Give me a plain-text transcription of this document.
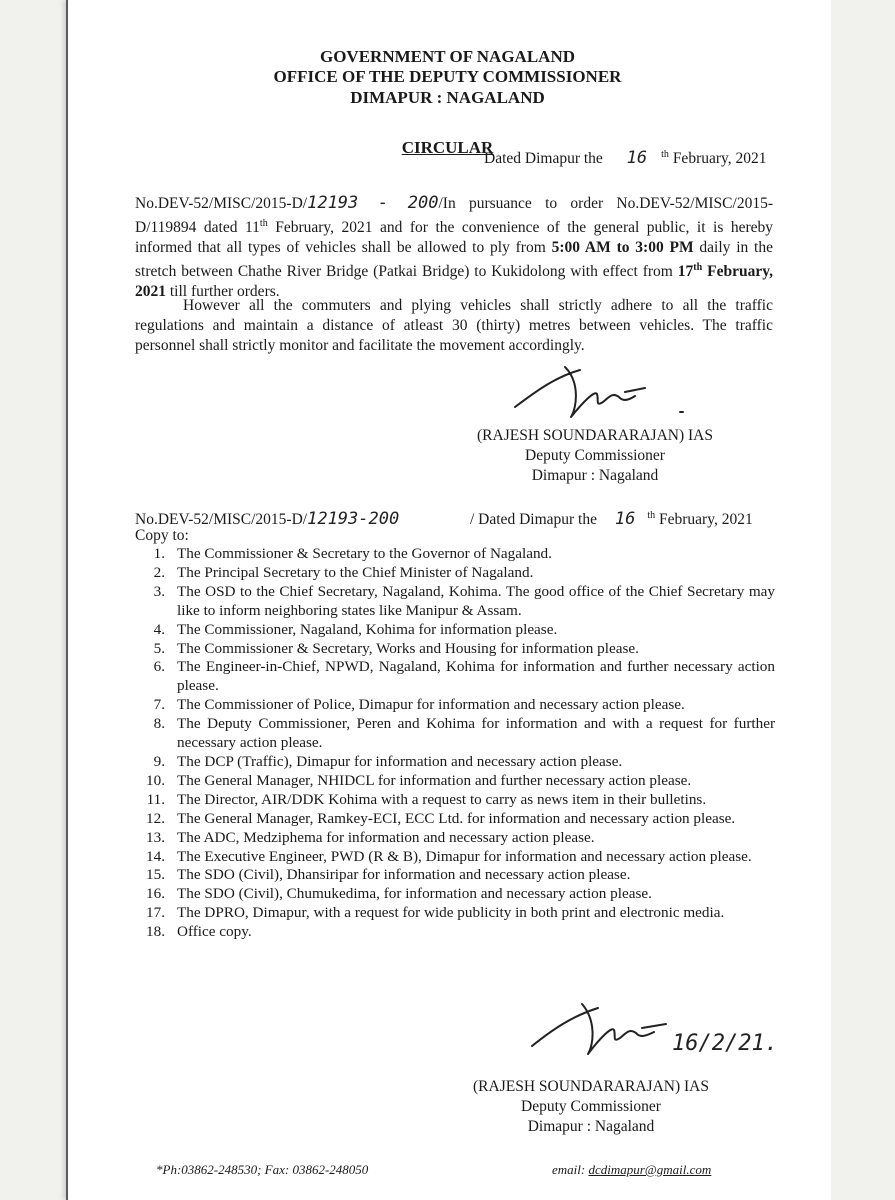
GOVERNMENT OF NAGALAND
OFFICE OF THE DEPUTY COMMISSIONER
DIMAPUR : NAGALAND
CIRCULAR
Dated Dimapur the 16 $^{th}$ February, 2021

No.DEV-52/MISC/2015-D/12193 - 200/In pursuance to order No.DEV-52/MISC/2015-D/119894 dated 11th February, 2021 and for the convenience of the general public, it is hereby informed that all types of vehicles shall be allowed to ply from 5:00 AM to 3:00 PM daily in the stretch between Chathe River Bridge (Patkai Bridge) to Kukidolong with effect from 17th February, 2021 till further orders.

However all the commuters and plying vehicles shall strictly adhere to all the traffic regulations and maintain a distance of atleast 30 (thirty) metres between vehicles. The traffic personnel shall strictly monitor and facilitate the movement accordingly.

(RAJESH SOUNDARARAJAN) IAS
Deputy Commissioner
Dimapur : Nagaland
No.DEV-52/MISC/2015-D/12193-200	/ Dated Dimapur the 16 $^{th}$ February, 2021
Copy to:
1. The Commissioner & Secretary to the Governor of Nagaland.
2. The Principal Secretary to the Chief Minister of Nagaland.
3. The OSD to the Chief Secretary, Nagaland, Kohima. The good office of the Chief Secretary may like to inform neighboring states like Manipur & Assam.
4. The Commissioner, Nagaland, Kohima for information please.
5. The Commissioner & Secretary, Works and Housing for information please.
6. The Engineer-in-Chief, NPWD, Nagaland, Kohima for information and further necessary action please.
7. The Commissioner of Police, Dimapur for information and necessary action please.
8. The Deputy Commissioner, Peren and Kohima for information and with a request for further necessary action please.
9. The DCP (Traffic), Dimapur for information and necessary action please.
10. The General Manager, NHIDCL for information and further necessary action please.
11. The Director, AIR/DDK Kohima with a request to carry as news item in their bulletins.
12. The General Manager, Ramkey-ECI, ECC Ltd. for information and necessary action please.
13. The ADC, Medziphema for information and necessary action please.
14. The Executive Engineer, PWD (R & B), Dimapur for information and necessary action please.
15. The SDO (Civil), Dhansiripar for information and necessary action please.
16. The SDO (Civil), Chumukedima, for information and necessary action please.
17. The DPRO, Dimapur, with a request for wide publicity in both print and electronic media.
18. Office copy.
16/2/21.
(RAJESH SOUNDARARAJAN) IAS
Deputy Commissioner
Dimapur : Nagaland
*Ph:03862-248530; Fax: 03862-248050	email: dcdimapur@gmail.com
